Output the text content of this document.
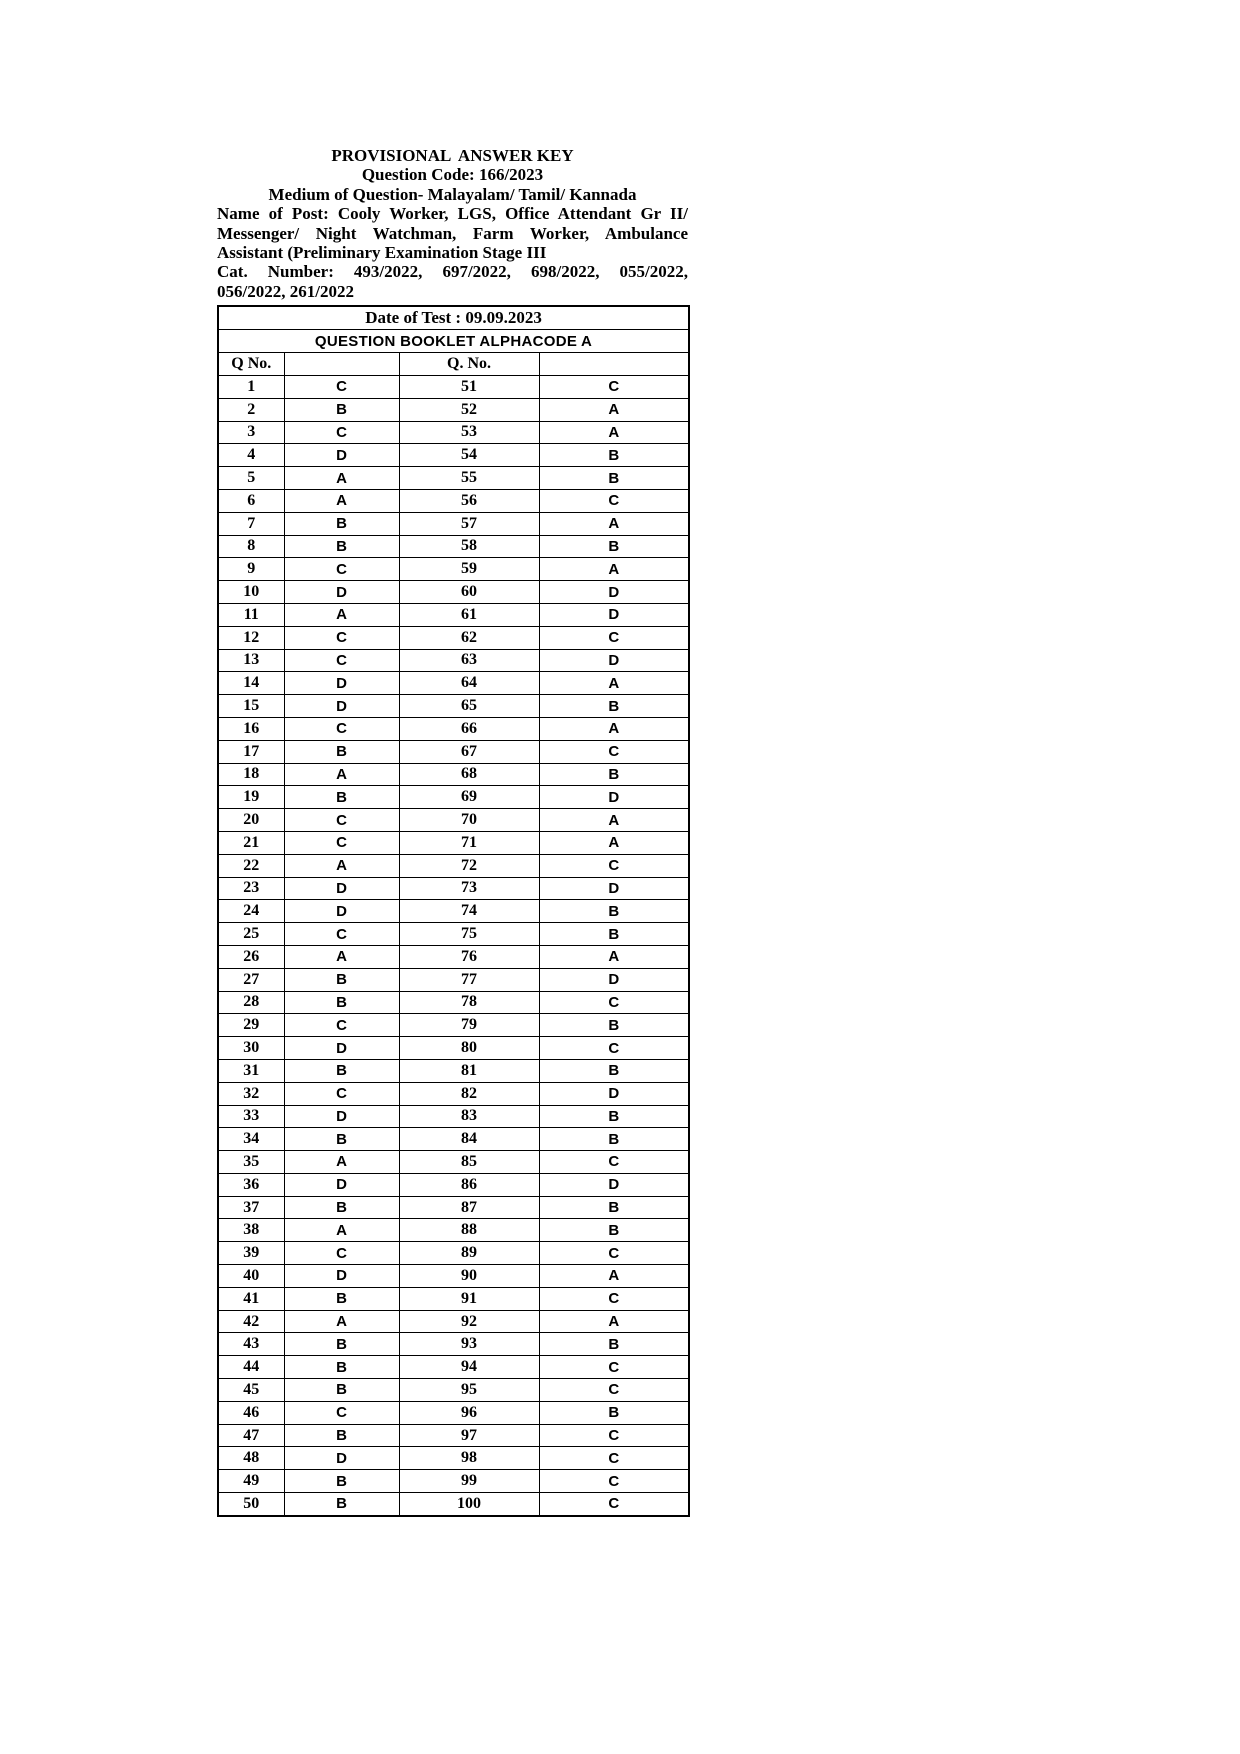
PROVISIONAL  ANSWER KEY
Question Code: 166/2023
Medium of Question- Malayalam/ Tamil/ Kannada
Name of Post: Cooly Worker, LGS, Office Attendant Gr II/
Messenger/ Night Watchman, Farm Worker, Ambulance
Assistant (Preliminary Examination Stage III
Cat. Number: 493/2022, 697/2022, 698/2022, 055/2022,
056/2022, 261/2022
Date of Test : 09.09.2023			
QUESTION BOOKLET ALPHACODE A			
Q No.		Q. No.	
1	C	51	C
2	B	52	A
3	C	53	A
4	D	54	B
5	A	55	B
6	A	56	C
7	B	57	A
8	B	58	B
9	C	59	A
10	D	60	D
11	A	61	D
12	C	62	C
13	C	63	D
14	D	64	A
15	D	65	B
16	C	66	A
17	B	67	C
18	A	68	B
19	B	69	D
20	C	70	A
21	C	71	A
22	A	72	C
23	D	73	D
24	D	74	B
25	C	75	B
26	A	76	A
27	B	77	D
28	B	78	C
29	C	79	B
30	D	80	C
31	B	81	B
32	C	82	D
33	D	83	B
34	B	84	B
35	A	85	C
36	D	86	D
37	B	87	B
38	A	88	B
39	C	89	C
40	D	90	A
41	B	91	C
42	A	92	A
43	B	93	B
44	B	94	C
45	B	95	C
46	C	96	B
47	B	97	C
48	D	98	C
49	B	99	C
50	B	100	C
